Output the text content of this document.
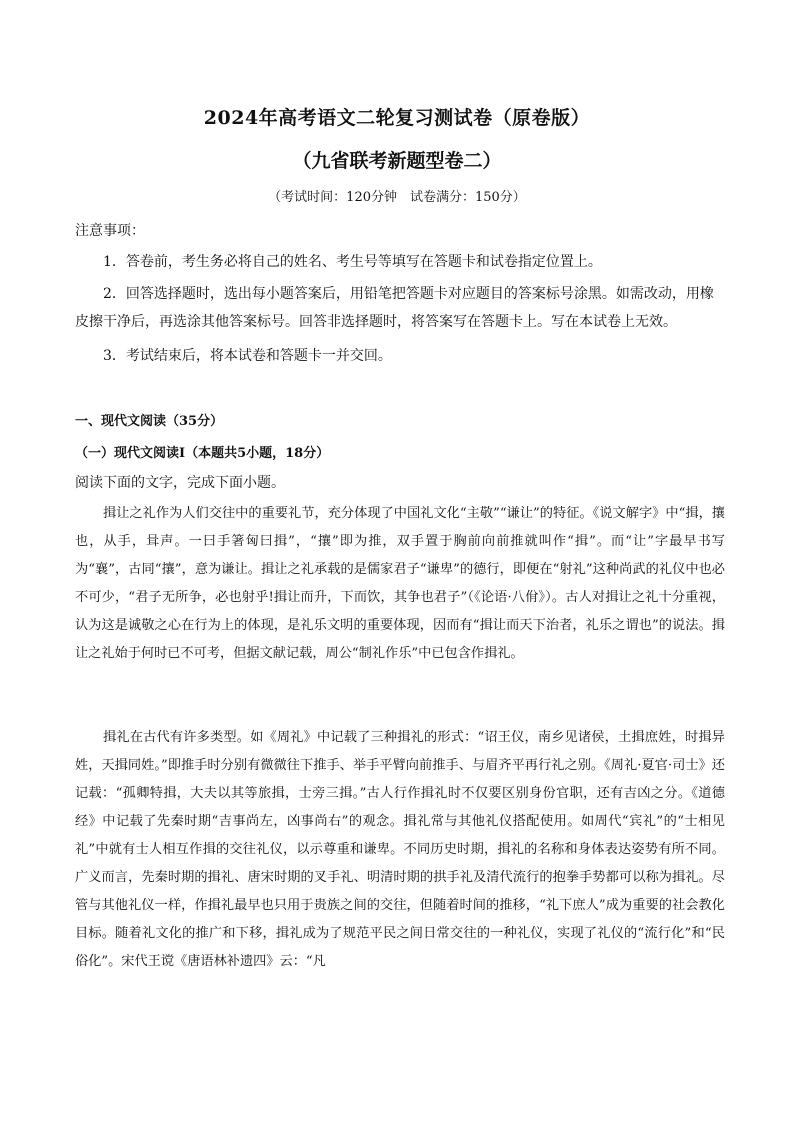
2024年高考语文二轮复习测试卷（原卷版）
（九省联考新题型卷二）
（考试时间：120分钟　试卷满分：150分）
注意事项：
1．答卷前，考生务必将自己的姓名、考生号等填写在答题卡和试卷指定位置上。
2．回答选择题时，选出每小题答案后，用铅笔把答题卡对应题目的答案标号涂黑。如需改动，用橡皮擦干净后，再选涂其他答案标号。回答非选择题时，将答案写在答题卡上。写在本试卷上无效。
3．考试结束后，将本试卷和答题卡一并交回。
一、现代文阅读（35分）
（一）现代文阅读Ⅰ（本题共5小题，18分）
阅读下面的文字，完成下面小题。
揖让之礼作为人们交往中的重要礼节，充分体现了中国礼文化“主敬”“谦让”的特征。《说文解字》中“揖，攘也，从手，咠声。一曰手箸匈曰揖”，“攘”即为推，双手置于胸前向前推就叫作“揖”。而“让”字最早书写为“襄”，古同“攘”，意为谦让。揖让之礼承载的是儒家君子“谦卑”的德行，即便在“射礼”这种尚武的礼仪中也必不可少，“君子无所争，必也射乎!揖让而升，下而饮，其争也君子”（《论语·八佾》）。古人对揖让之礼十分重视，认为这是诚敬之心在行为上的体现，是礼乐文明的重要体现，因而有“揖让而天下治者，礼乐之谓也”的说法。揖让之礼始于何时已不可考，但据文献记载，周公“制礼作乐”中已包含作揖礼。
揖礼在古代有许多类型。如《周礼》中记载了三种揖礼的形式：“诏王仪，南乡见诸侯，土揖庶姓，时揖异姓，天揖同姓。”即推手时分别有微微往下推手、举手平臂向前推手、与眉齐平再行礼之别。《周礼·夏官·司士》还记载：“孤卿特揖，大夫以其等旅揖，士旁三揖。”古人行作揖礼时不仅要区别身份官职，还有吉凶之分。《道德经》中记载了先秦时期“吉事尚左，凶事尚右”的观念。揖礼常与其他礼仪搭配使用。如周代“宾礼”的“士相见礼”中就有士人相互作揖的交往礼仪，以示尊重和谦卑。不同历史时期，揖礼的名称和身体表达姿势有所不同。广义而言，先秦时期的揖礼、唐宋时期的叉手礼、明清时期的拱手礼及清代流行的抱拳手势都可以称为揖礼。尽管与其他礼仪一样，作揖礼最早也只用于贵族之间的交往，但随着时间的推移，“礼下庶人”成为重要的社会教化目标。随着礼文化的推广和下移，揖礼成为了规范平民之间日常交往的一种礼仪，实现了礼仪的“流行化”和“民俗化”。宋代王谠《唐语林补遗四》云：“凡
